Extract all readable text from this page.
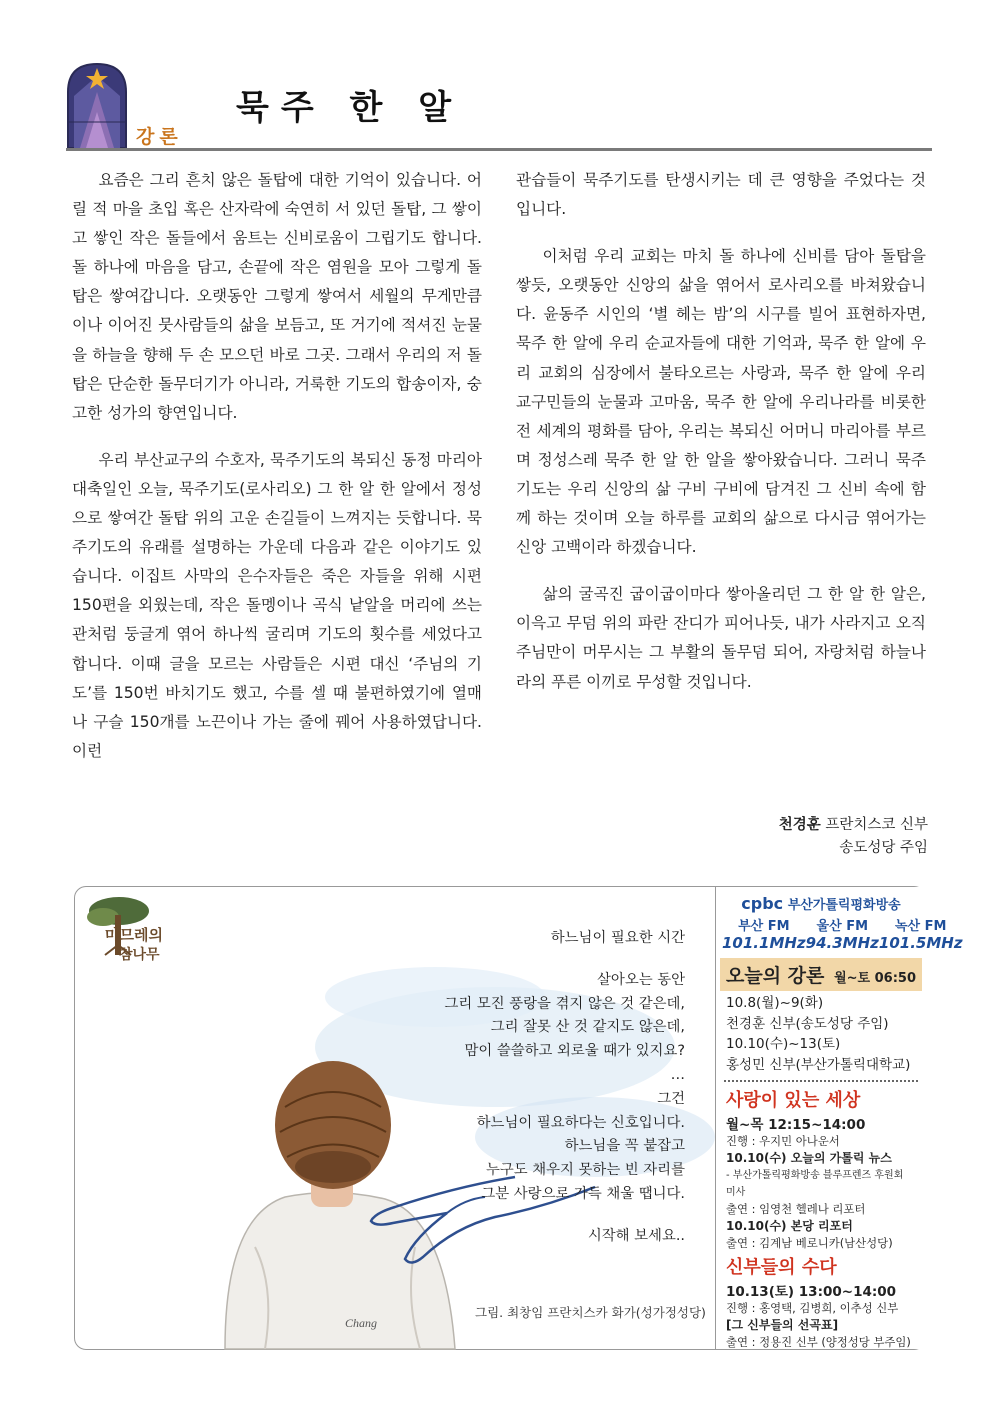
강론
묵주 한 알

요즘은 그리 흔치 않은 돌탑에 대한 기억이 있습니다. 어릴 적 마을 초입 혹은 산자락에 숙연히 서 있던 돌탑, 그 쌓이고 쌓인 작은 돌들에서 움트는 신비로움이 그립기도 합니다. 돌 하나에 마음을 담고, 손끝에 작은 염원을 모아 그렇게 돌탑은 쌓여갑니다. 오랫동안 그렇게 쌓여서 세월의 무게만큼이나 이어진 뭇사람들의 삶을 보듬고, 또 거기에 적셔진 눈물을 하늘을 향해 두 손 모으던 바로 그곳. 그래서 우리의 저 돌탑은 단순한 돌무더기가 아니라, 거룩한 기도의 합송이자, 숭고한 성가의 향연입니다.

우리 부산교구의 수호자, 묵주기도의 복되신 동정 마리아 대축일인 오늘, 묵주기도(로사리오) 그 한 알 한 알에서 정성으로 쌓여간 돌탑 위의 고운 손길들이 느껴지는 듯합니다. 묵주기도의 유래를 설명하는 가운데 다음과 같은 이야기도 있습니다. 이집트 사막의 은수자들은 죽은 자들을 위해 시편 150편을 외웠는데, 작은 돌멩이나 곡식 낱알을 머리에 쓰는 관처럼 둥글게 엮어 하나씩 굴리며 기도의 횟수를 세었다고 합니다. 이때 글을 모르는 사람들은 시편 대신 ‘주님의 기도’를 150번 바치기도 했고, 수를 셀 때 불편하였기에 열매나 구슬 150개를 노끈이나 가는 줄에 꿰어 사용하였답니다. 이런

관습들이 묵주기도를 탄생시키는 데 큰 영향을 주었다는 것입니다.

이처럼 우리 교회는 마치 돌 하나에 신비를 담아 돌탑을 쌓듯, 오랫동안 신앙의 삶을 엮어서 로사리오를 바쳐왔습니다. 윤동주 시인의 ‘별 헤는 밤’의 시구를 빌어 표현하자면, 묵주 한 알에 우리 순교자들에 대한 기억과, 묵주 한 알에 우리 교회의 심장에서 불타오르는 사랑과, 묵주 한 알에 우리 교구민들의 눈물과 고마움, 묵주 한 알에 우리나라를 비롯한 전 세계의 평화를 담아, 우리는 복되신 어머니 마리아를 부르며 정성스레 묵주 한 알 한 알을 쌓아왔습니다. 그러니 묵주기도는 우리 신앙의 삶 구비 구비에 담겨진 그 신비 속에 함께 하는 것이며 오늘 하루를 교회의 삶으로 다시금 엮어가는 신앙 고백이라 하겠습니다.

삶의 굴곡진 굽이굽이마다 쌓아올리던 그 한 알 한 알은, 이윽고 무덤 위의 파란 잔디가 피어나듯, 내가 사라지고 오직 주님만이 머무시는 그 부활의 돌무덤 되어, 자랑처럼 하늘나라의 푸른 이끼로 무성할 것입니다.

천경훈 프란치스코 신부
송도성당 주임
마므레의
참나무
Chang
하느님이 필요한 시간
살아오는 동안
그리 모진 풍랑을 겪지 않은 것 같은데,
그리 잘못 산 것 같지도 않은데,
맘이 쓸쓸하고 외로울 때가 있지요?
…
그건
하느님이 필요하다는 신호입니다.
하느님을 꼭 붙잡고
누구도 채우지 못하는 빈 자리를
그분 사랑으로 가득 채울 땝니다.
시작해 보세요..
그림. 최창임 프란치스카 화가(성가정성당)
cpbc 부산가톨릭평화방송
부산 FM
101.1MHz
울산 FM
94.3MHz
녹산 FM
101.5MHz
오늘의 강론 월~토 06:50
10.8(월)~9(화)
천경훈 신부(송도성당 주임)
10.10(수)~13(토)
홍성민 신부(부산가톨릭대학교)
사랑이 있는 세상
월~목 12:15~14:00
진행 : 우지민 아나운서
10.10(수) 오늘의 가톨릭 뉴스
- 부산가톨릭평화방송 블루프렌즈 후원회 미사
출연 : 임영천 헬레나 리포터
10.10(수) 본당 리포터
출연 : 김계남 베로니카(남산성당)
신부들의 수다
10.13(토) 13:00~14:00
진행 : 홍영택, 김병희, 이추성 신부
[그 신부들의 선곡표]
출연 : 정용진 신부 (양정성당 부주임)
